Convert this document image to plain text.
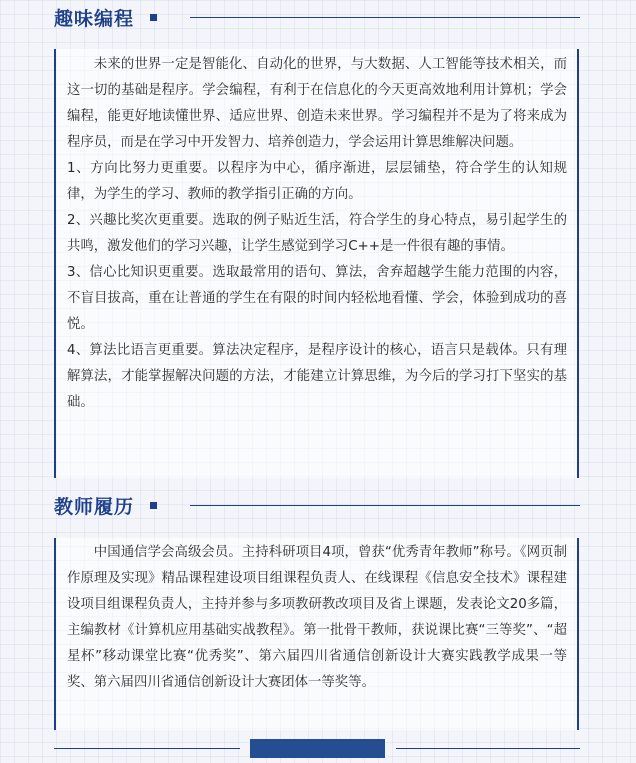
趣味编程

未来的世界一定是智能化、自动化的世界，与大数据、人工智能等技术相关，而这一切的基础是程序。学会编程，有利于在信息化的今天更高效地利用计算机；学会编程，能更好地读懂世界、适应世界、创造未来世界。学习编程并不是为了将来成为程序员，而是在学习中开发智力、培养创造力，学会运用计算思维解决问题。

1、方向比努力更重要。以程序为中心，循序渐进，层层铺垫，符合学生的认知规律，为学生的学习、教师的教学指引正确的方向。

2、兴趣比奖次更重要。选取的例子贴近生活，符合学生的身心特点，易引起学生的共鸣，激发他们的学习兴趣，让学生感觉到学习C++是一件很有趣的事情。

3、信心比知识更重要。选取最常用的语句、算法，舍弃超越学生能力范围的内容，不盲目拔高，重在让普通的学生在有限的时间内轻松地看懂、学会，体验到成功的喜悦。

4、算法比语言更重要。算法决定程序，是程序设计的核心，语言只是载体。只有理解算法，才能掌握解决问题的方法，才能建立计算思维，为今后的学习打下坚实的基础。

教师履历

中国通信学会高级会员。主持科研项目4项，曾获“优秀青年教师”称号。《网页制作原理及实现》精品课程建设项目组课程负责人、在线课程《信息安全技术》课程建设项目组课程负责人，主持并参与多项教研教改项目及省上课题，发表论文20多篇，主编教材《计算机应用基础实战教程》。第一批骨干教师，获说课比赛“三等奖”、“超星杯”移动课堂比赛“优秀奖”、第六届四川省通信创新设计大赛实践教学成果一等奖、第六届四川省通信创新设计大赛团体一等奖等。
